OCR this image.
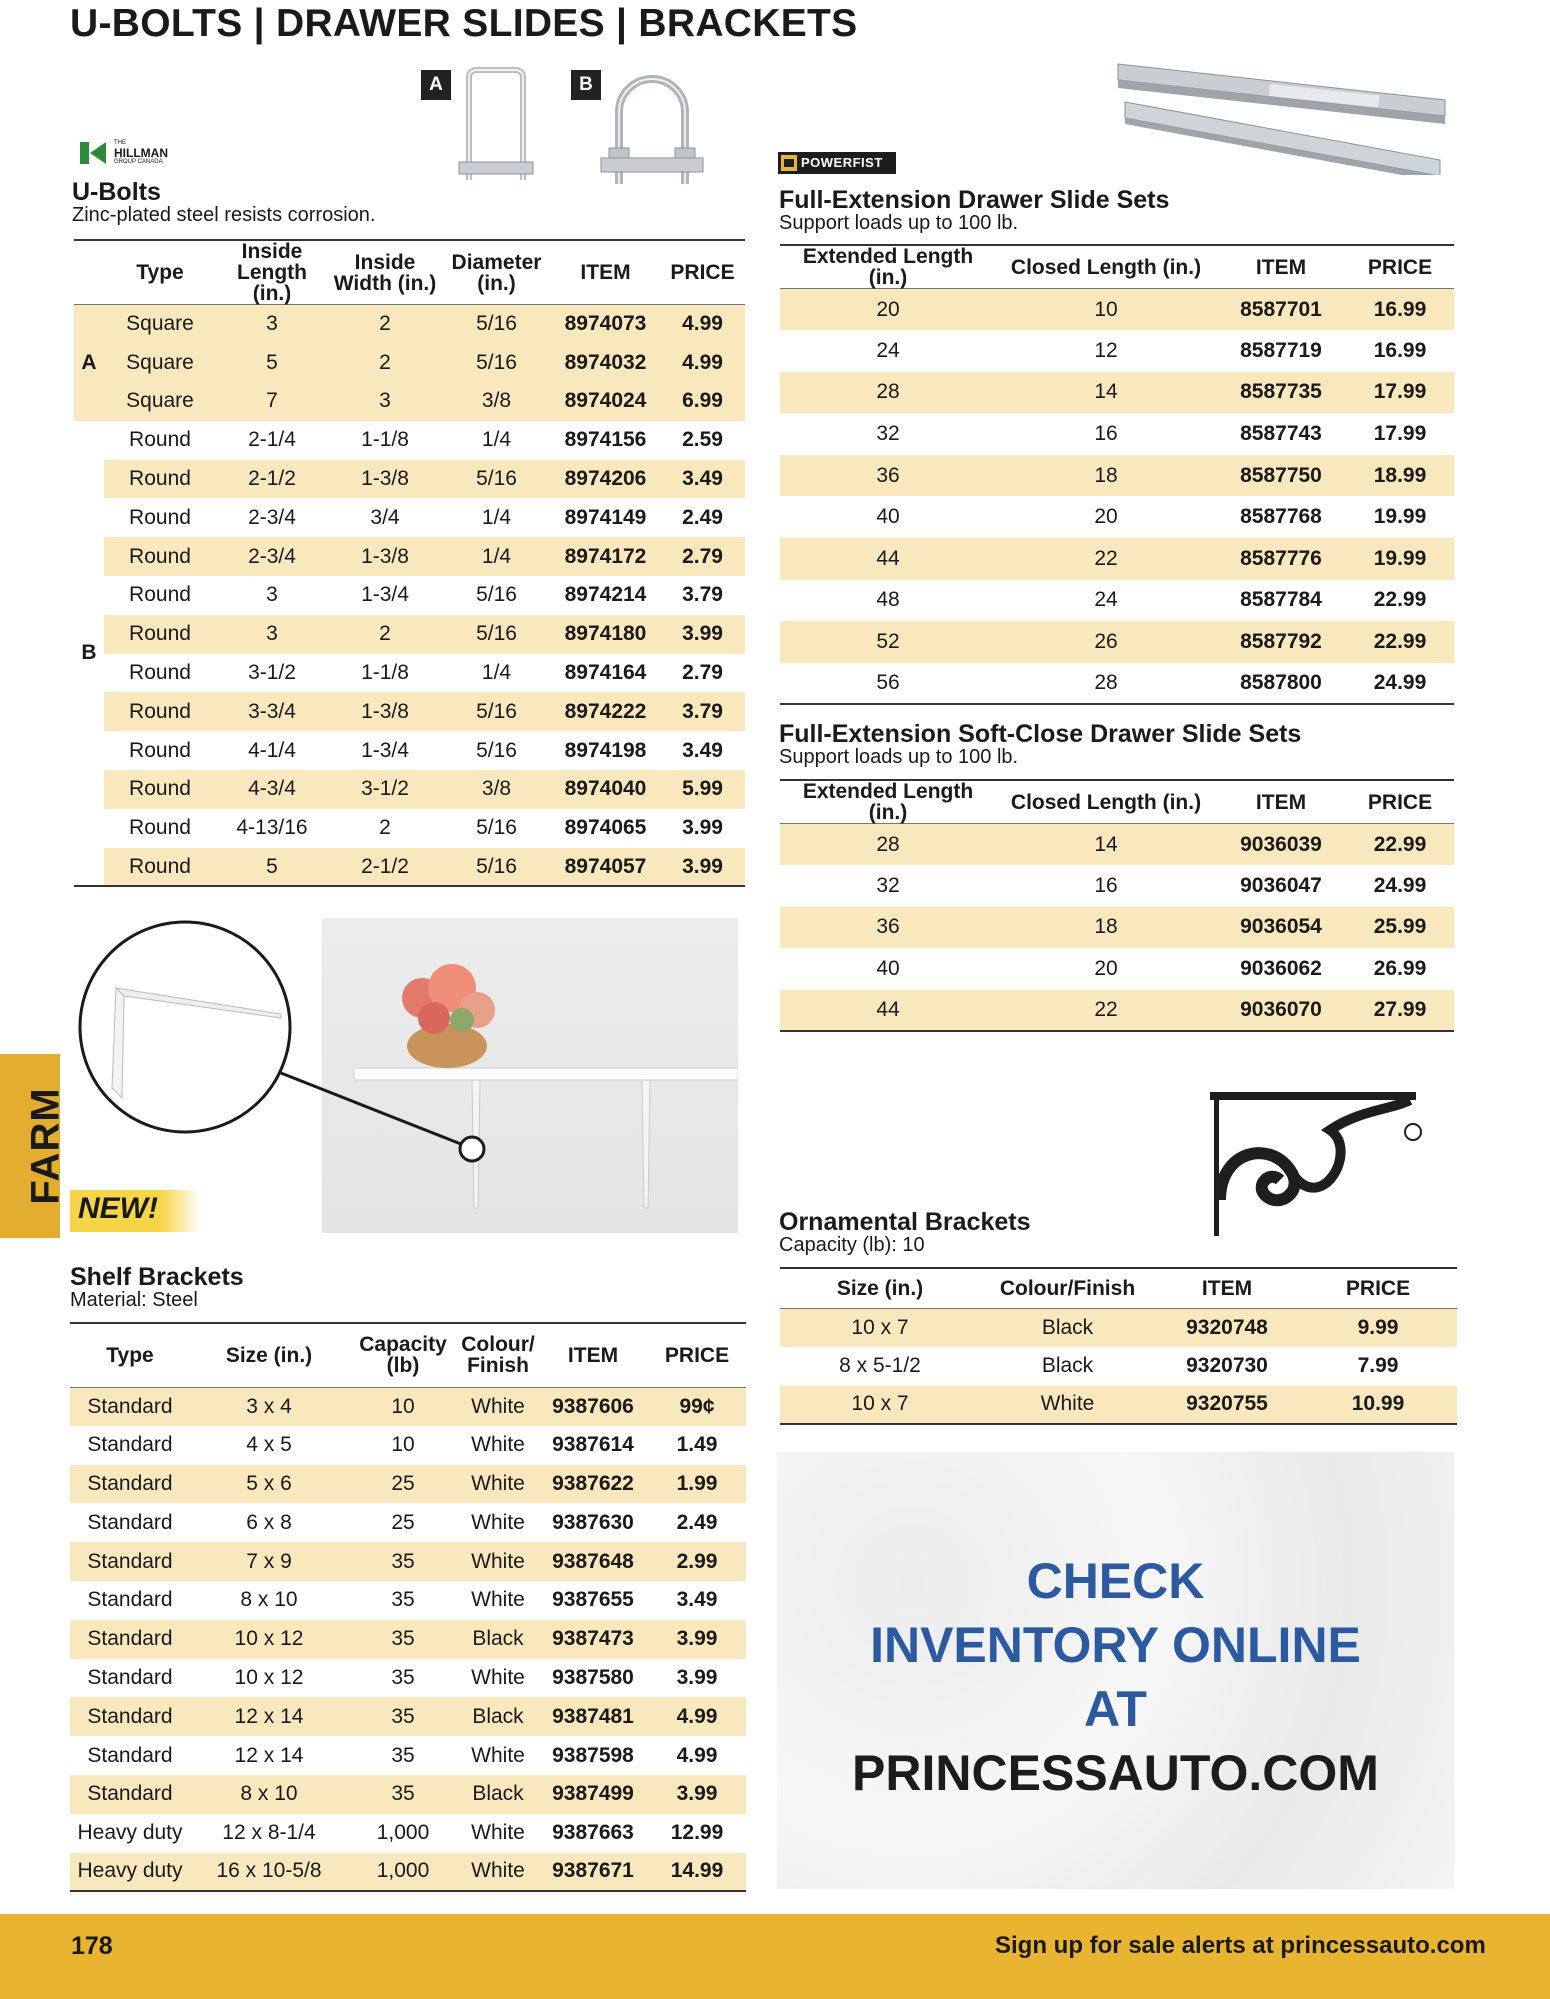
U-BOLTS | DRAWER SLIDES | BRACKETS
A	B
THE
HILLMAN
GROUP CANADA
U-Bolts
Zinc-plated steel resists corrosion.
	Type	Inside Length (in.)	Inside Width (in.)	Diameter (in.)	ITEM	PRICE
A	Square	3	2	5/16	8974073	4.99
	Square	5	2	5/16	8974032	4.99
	Square	7	3	3/8	8974024	6.99
B	Round	2-1/4	1-1/8	1/4	8974156	2.59
	Round	2-1/2	1-3/8	5/16	8974206	3.49
	Round	2-3/4	3/4	1/4	8974149	2.49
	Round	2-3/4	1-3/8	1/4	8974172	2.79
	Round	3	1-3/4	5/16	8974214	3.79
	Round	3	2	5/16	8974180	3.99
	Round	3-1/2	1-1/8	1/4	8974164	2.79
	Round	3-3/4	1-3/8	5/16	8974222	3.79
	Round	4-1/4	1-3/4	5/16	8974198	3.49
	Round	4-3/4	3-1/2	3/8	8974040	5.99
	Round	4-13/16	2	5/16	8974065	3.99
	Round	5	2-1/2	5/16	8974057	3.99
POWERFIST
Full-Extension Drawer Slide Sets
Support loads up to 100 lb.
Extended Length (in.)	Closed Length (in.)	ITEM	PRICE
20	10	8587701	16.99
24	12	8587719	16.99
28	14	8587735	17.99
32	16	8587743	17.99
36	18	8587750	18.99
40	20	8587768	19.99
44	22	8587776	19.99
48	24	8587784	22.99
52	26	8587792	22.99
56	28	8587800	24.99
Full-Extension Soft-Close Drawer Slide Sets
Support loads up to 100 lb.
Extended Length (in.)	Closed Length (in.)	ITEM	PRICE
28	14	9036039	22.99
32	16	9036047	24.99
36	18	9036054	25.99
40	20	9036062	26.99
44	22	9036070	27.99
NEW!
FARM
Shelf Brackets
Material: Steel
Type	Size (in.)	Capacity (lb)	Colour/ Finish	ITEM	PRICE
Standard	3 x 4	10	White	9387606	99¢
Standard	4 x 5	10	White	9387614	1.49
Standard	5 x 6	25	White	9387622	1.99
Standard	6 x 8	25	White	9387630	2.49
Standard	7 x 9	35	White	9387648	2.99
Standard	8 x 10	35	White	9387655	3.49
Standard	10 x 12	35	Black	9387473	3.99
Standard	10 x 12	35	White	9387580	3.99
Standard	12 x 14	35	Black	9387481	4.99
Standard	12 x 14	35	White	9387598	4.99
Standard	8 x 10	35	Black	9387499	3.99
Heavy duty	12 x 8-1/4	1,000	White	9387663	12.99
Heavy duty	16 x 10-5/8	1,000	White	9387671	14.99
Ornamental Brackets
Capacity (lb): 10
Size (in.)	Colour/Finish	ITEM	PRICE
10 x 7	Black	9320748	9.99
8 x 5-1/2	Black	9320730	7.99
10 x 7	White	9320755	10.99
CHECK
INVENTORY ONLINE
AT
PRINCESSAUTO.COM
178	Sign up for sale alerts at princessauto.com
